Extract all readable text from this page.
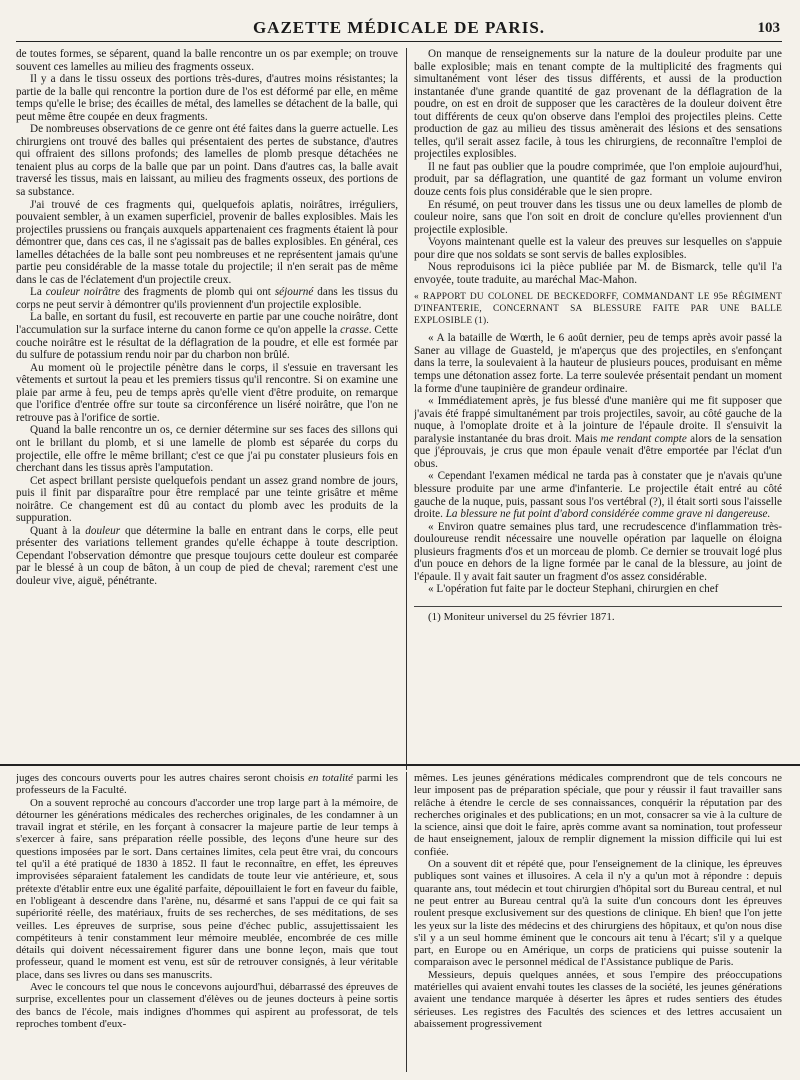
GAZETTE MÉDICALE DE PARIS.	103

de toutes formes, se séparent, quand la balle rencontre un os par exemple; on trouve souvent ces lamelles au milieu des fragments osseux.

Il y a dans le tissu osseux des portions très-dures, d'autres moins résistantes; la partie de la balle qui rencontre la portion dure de l'os est déformé par elle, en même temps qu'elle le brise; des écailles de métal, des lamelles se détachent de la balle, qui peut même être coupée en deux fragments.

De nombreuses observations de ce genre ont été faites dans la guerre actuelle. Les chirurgiens ont trouvé des balles qui présentaient des pertes de substance, d'autres qui offraient des sillons profonds; des lamelles de plomb presque détachées ne tenaient plus au corps de la balle que par un point. Dans d'autres cas, la balle avait traversé les tissus, mais en laissant, au milieu des fragments osseux, des portions de sa substance.

J'ai trouvé de ces fragments qui, quelquefois aplatis, noirâtres, irréguliers, pouvaient sembler, à un examen superficiel, provenir de balles explosibles. Mais les projectiles prussiens ou français auxquels appartenaient ces fragments étaient là pour démontrer que, dans ces cas, il ne s'agissait pas de balles explosibles. En général, ces lamelles détachées de la balle sont peu nombreuses et ne représentent jamais qu'une partie peu considérable de la masse totale du projectile; il n'en serait pas de même dans le cas de l'éclatement d'un projectile creux.

La couleur noirâtre des fragments de plomb qui ont séjourné dans les tissus du corps ne peut servir à démontrer qu'ils proviennent d'un projectile explosible.

La balle, en sortant du fusil, est recouverte en partie par une couche noirâtre, dont l'accumulation sur la surface interne du canon forme ce qu'on appelle la crasse. Cette couche noirâtre est le résultat de la déflagration de la poudre, et elle est formée par du sulfure de potassium rendu noir par du charbon non brûlé.

Au moment où le projectile pénètre dans le corps, il s'essuie en traversant les vêtements et surtout la peau et les premiers tissus qu'il rencontre. Si on examine une plaie par arme à feu, peu de temps après qu'elle vient d'être produite, on remarque que l'orifice d'entrée offre sur toute sa circonférence un liséré noirâtre, que l'on ne retrouve pas à l'orifice de sortie.

Quand la balle rencontre un os, ce dernier détermine sur ses faces des sillons qui ont le brillant du plomb, et si une lamelle de plomb est séparée du corps du projectile, elle offre le même brillant; c'est ce que j'ai pu constater plusieurs fois en cherchant dans les tissus après l'amputation.

Cet aspect brillant persiste quelquefois pendant un assez grand nombre de jours, puis il finit par disparaître pour être remplacé par une teinte grisâtre et même noirâtre. Ce changement est dû au contact du plomb avec les produits de la suppuration.

Quant à la douleur que détermine la balle en entrant dans le corps, elle peut présenter des variations tellement grandes qu'elle échappe à toute description. Cependant l'observation démontre que presque toujours cette douleur est comparée par le blessé à un coup de bâton, à un coup de pied de cheval; rarement c'est une douleur vive, aiguë, pénétrante.

On manque de renseignements sur la nature de la douleur produite par une balle explosible; mais en tenant compte de la multiplicité des fragments qui simultanément vont léser des tissus différents, et aussi de la production instantanée d'une grande quantité de gaz provenant de la déflagration de la poudre, on est en droit de supposer que les caractères de la douleur doivent être tout différents de ceux qu'on observe dans l'emploi des projectiles pleins. Cette production de gaz au milieu des tissus amènerait des lésions et des sensations telles, qu'il serait assez facile, à tous les chirurgiens, de reconnaître l'emploi de projectiles explosibles.

Il ne faut pas oublier que la poudre comprimée, que l'on emploie aujourd'hui, produit, par sa déflagration, une quantité de gaz formant un volume environ douze cents fois plus considérable que le sien propre.

En résumé, on peut trouver dans les tissus une ou deux lamelles de plomb de couleur noire, sans que l'on soit en droit de conclure qu'elles proviennent d'un projectile explosible.

Voyons maintenant quelle est la valeur des preuves sur lesquelles on s'appuie pour dire que nos soldats se sont servis de balles explosibles.

Nous reproduisons ici la pièce publiée par M. de Bismarck, telle qu'il l'a envoyée, toute traduite, au maréchal Mac-Mahon.

« RAPPORT DU COLONEL DE BECKEDORFF, COMMANDANT LE 95e RÉGIMENT D'INFANTERIE, CONCERNANT SA BLESSURE FAITE PAR UNE BALLE EXPLOSIBLE (1).

« A la bataille de Wœrth, le 6 août dernier, peu de temps après avoir passé la Saner au village de Guasteld, je m'aperçus que des projectiles, en s'enfonçant dans la terre, la soulevaient à la hauteur de plusieurs pouces, produisant en même temps une détonation assez forte. La terre soulevée présentait pendant un moment la forme d'une taupinière de grandeur ordinaire.

« Immédiatement après, je fus blessé d'une manière qui me fit supposer que j'avais été frappé simultanément par trois projectiles, savoir, au côté gauche de la nuque, à l'omoplate droite et à la jointure de l'épaule droite. Il s'ensuivit la paralysie instantanée du bras droit. Mais me rendant compte alors de la sensation que j'éprouvais, je crus que mon épaule venait d'être emportée par l'éclat d'un obus.

« Cependant l'examen médical ne tarda pas à constater que je n'avais qu'une blessure produite par une arme d'infanterie. Le projectile était entré au côté gauche de la nuque, puis, passant sous l'os vertébral (?), il était sorti sous l'aisselle droite. La blessure ne fut point d'abord considérée comme grave ni dangereuse.

« Environ quatre semaines plus tard, une recrudescence d'inflammation très-douloureuse rendit nécessaire une nouvelle opération par laquelle on éloigna plusieurs fragments d'os et un morceau de plomb. Ce dernier se trouvait logé plus d'un pouce en dehors de la ligne formée par le canal de la blessure, au joint de l'épaule. Il y avait fait sauter un fragment d'os assez considérable.

« L'opération fut faite par le docteur Stephani, chirurgien en chef

(1) Moniteur universel du 25 février 1871.

juges des concours ouverts pour les autres chaires seront choisis en totalité parmi les professeurs de la Faculté.

On a souvent reproché au concours d'accorder une trop large part à la mémoire, de détourner les générations médicales des recherches originales, de les condamner à un travail ingrat et stérile, en les forçant à consacrer la majeure partie de leur temps à s'exercer à faire, sans préparation réelle possible, des leçons d'une heure sur des questions imposées par le sort. Dans certaines limites, cela peut être vrai, du concours tel qu'il a été pratiqué de 1830 à 1852. Il faut le reconnaître, en effet, les épreuves improvisées séparaient fatalement les candidats de toute leur vie antérieure, et, sous prétexte d'établir entre eux une égalité parfaite, dépouillaient le fort en faveur du faible, en l'obligeant à descendre dans l'arène, nu, désarmé et sans l'appui de ce qui fait sa supériorité réelle, des matériaux, fruits de ses recherches, de ses méditations, de ses veilles. Les épreuves de surprise, sous peine d'échec public, assujettissaient les compétiteurs à tenir constamment leur mémoire meublée, encombrée de ces mille détails qui doivent nécessairement figurer dans une bonne leçon, mais que tout professeur, quand le moment est venu, est sûr de retrouver consignés, à leur véritable place, dans ses livres ou dans ses manuscrits.

Avec le concours tel que nous le concevons aujourd'hui, débarrassé des épreuves de surprise, excellentes pour un classement d'élèves ou de jeunes docteurs à peine sortis des bancs de l'école, mais indignes d'hommes qui aspirent au professorat, de tels reproches tombent d'eux-

mêmes. Les jeunes générations médicales comprendront que de tels concours ne leur imposent pas de préparation spéciale, que pour y réussir il faut travailler sans relâche à étendre le cercle de ses connaissances, conquérir la réputation par des recherches originales et des publications; en un mot, consacrer sa vie à la culture de la science, ainsi que doit le faire, après comme avant sa nomination, tout professeur de haut enseignement, jaloux de remplir dignement la mission difficile qui lui est confiée.

On a souvent dit et répété que, pour l'enseignement de la clinique, les épreuves publiques sont vaines et illusoires. A cela il n'y a qu'un mot à répondre : depuis quarante ans, tout médecin et tout chirurgien d'hôpital sort du Bureau central, et nul ne peut entrer au Bureau central qu'à la suite d'un concours dont les épreuves roulent presque exclusivement sur des questions de clinique. Eh bien! que l'on jette les yeux sur la liste des médecins et des chirurgiens des hôpitaux, et qu'on nous dise s'il y a un seul homme éminent que le concours ait tenu à l'écart; s'il y a quelque part, en Europe ou en Amérique, un corps de praticiens qui puisse soutenir la comparaison avec le personnel médical de l'Assistance publique de Paris.

Messieurs, depuis quelques années, et sous l'empire des préoccupations matérielles qui avaient envahi toutes les classes de la société, les jeunes générations avaient une tendance marquée à déserter les âpres et rudes sentiers des études sérieuses. Les registres des Facultés des sciences et des lettres accusaient un abaissement progressivement
